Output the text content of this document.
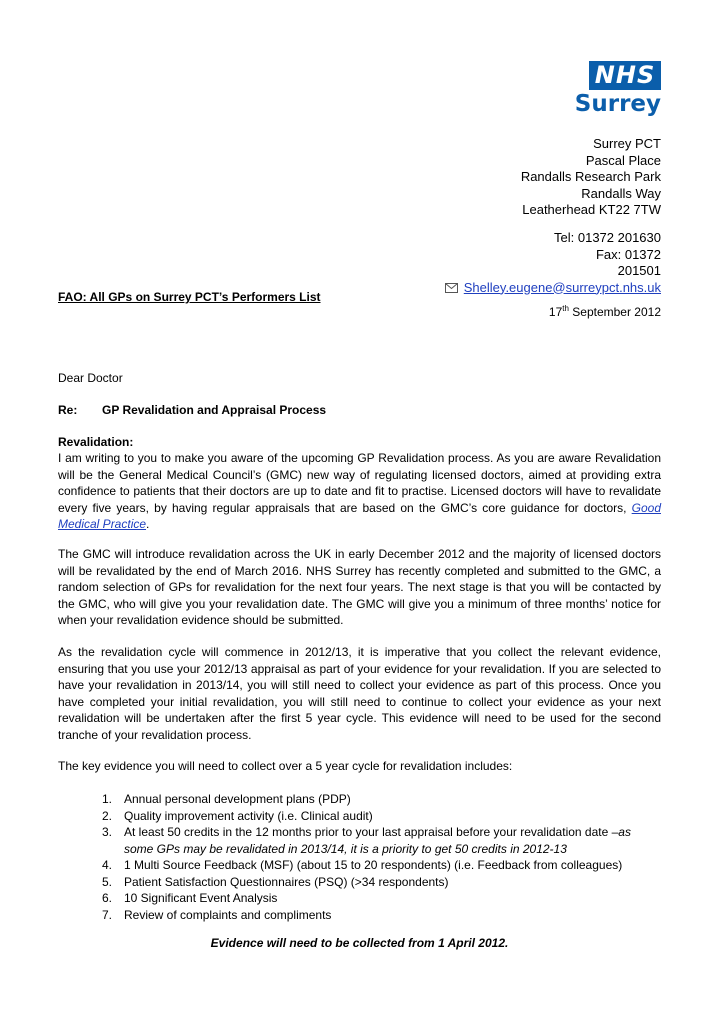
NHS
Surrey
Surrey PCT
Pascal Place
Randalls Research Park
Randalls Way
Leatherhead KT22 7TW
Tel: 01372 201630
Fax: 01372
201501
Shelley.eugene@surreypct.nhs.uk
FAO: All GPs on Surrey PCT’s Performers List
17th September 2012
Dear Doctor
Re: GP Revalidation and Appraisal Process
Revalidation:
I am writing to you to make you aware of the upcoming GP Revalidation process. As you are aware Revalidation will be the General Medical Council’s (GMC) new way of regulating licensed doctors, aimed at providing extra confidence to patients that their doctors are up to date and fit to practise. Licensed doctors will have to revalidate every five years, by having regular appraisals that are based on the GMC’s core guidance for doctors, Good Medical Practice.
The GMC will introduce revalidation across the UK in early December 2012 and the majority of licensed doctors will be revalidated by the end of March 2016. NHS Surrey has recently completed and submitted to the GMC, a random selection of GPs for revalidation for the next four years. The next stage is that you will be contacted by the GMC, who will give you your revalidation date. The GMC will give you a minimum of three months’ notice for when your revalidation evidence should be submitted.
As the revalidation cycle will commence in 2012/13, it is imperative that you collect the relevant evidence, ensuring that you use your 2012/13 appraisal as part of your evidence for your revalidation. If you are selected to have your revalidation in 2013/14, you will still need to collect your evidence as part of this process. Once you have completed your initial revalidation, you will still need to continue to collect your evidence as your next revalidation will be undertaken after the first 5 year cycle. This evidence will need to be used for the second tranche of your revalidation process.
The key evidence you will need to collect over a 5 year cycle for revalidation includes:
1. Annual personal development plans (PDP)
2. Quality improvement activity (i.e. Clinical audit)
3. At least 50 credits in the 12 months prior to your last appraisal before your revalidation date –as some GPs may be revalidated in 2013/14, it is a priority to get 50 credits in 2012-13
4. 1 Multi Source Feedback (MSF) (about 15 to 20 respondents) (i.e. Feedback from colleagues)
5. Patient Satisfaction Questionnaires (PSQ) (>34 respondents)
6. 10 Significant Event Analysis
7. Review of complaints and compliments
Evidence will need to be collected from 1 April 2012.
